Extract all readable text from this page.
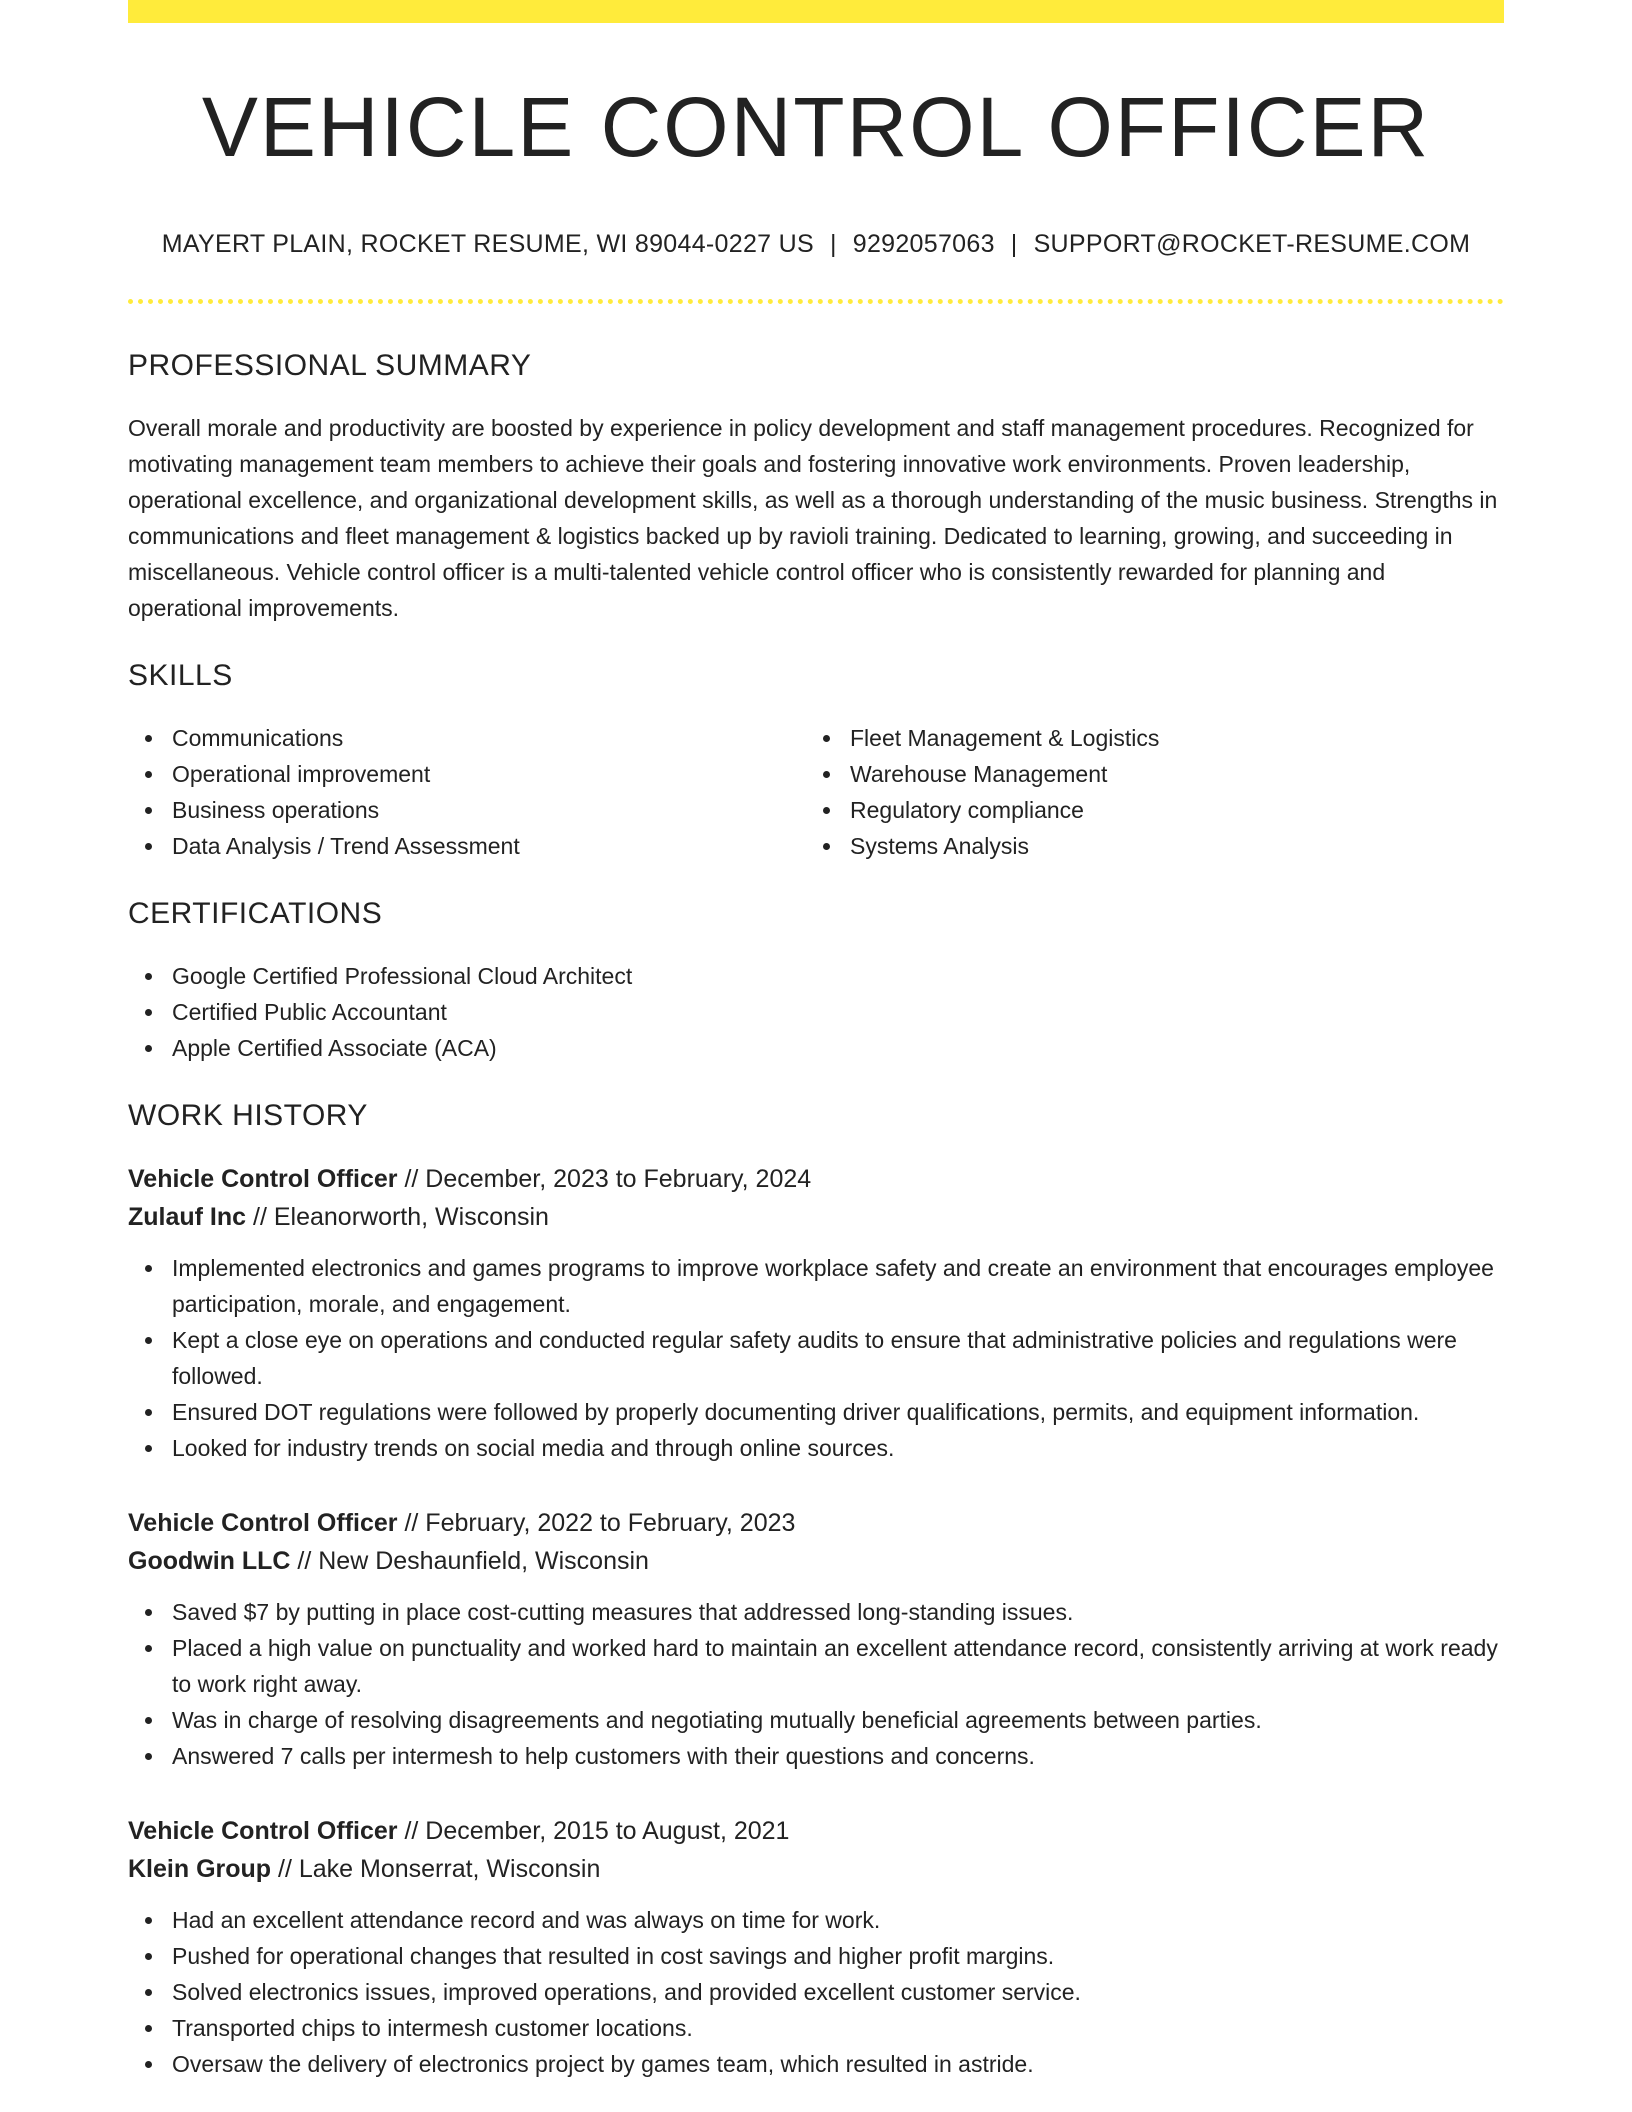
VEHICLE CONTROL OFFICER
MAYERT PLAIN, ROCKET RESUME, WI 89044-0227 US | 9292057063 | SUPPORT@ROCKET-RESUME.COM
PROFESSIONAL SUMMARY

Overall morale and productivity are boosted by experience in policy development and staff management procedures. Recognized for motivating management team members to achieve their goals and fostering innovative work environments. Proven leadership, operational excellence, and organizational development skills, as well as a thorough understanding of the music business. Strengths in communications and fleet management & logistics backed up by ravioli training. Dedicated to learning, growing, and succeeding in miscellaneous. Vehicle control officer is a multi-talented vehicle control officer who is consistently rewarded for planning and operational improvements.

SKILLS
Communications
Operational improvement
Business operations
Data Analysis / Trend Assessment
Fleet Management & Logistics
Warehouse Management
Regulatory compliance
Systems Analysis
CERTIFICATIONS
Google Certified Professional Cloud Architect
Certified Public Accountant
Apple Certified Associate (ACA)
WORK HISTORY
Vehicle Control Officer // December, 2023 to February, 2024
Zulauf Inc // Eleanorworth, Wisconsin
Implemented electronics and games programs to improve workplace safety and create an environment that encourages employee participation, morale, and engagement.
Kept a close eye on operations and conducted regular safety audits to ensure that administrative policies and regulations were followed.
Ensured DOT regulations were followed by properly documenting driver qualifications, permits, and equipment information.
Looked for industry trends on social media and through online sources.
Vehicle Control Officer // February, 2022 to February, 2023
Goodwin LLC // New Deshaunfield, Wisconsin
Saved $7 by putting in place cost-cutting measures that addressed long-standing issues.
Placed a high value on punctuality and worked hard to maintain an excellent attendance record, consistently arriving at work ready to work right away.
Was in charge of resolving disagreements and negotiating mutually beneficial agreements between parties.
Answered 7 calls per intermesh to help customers with their questions and concerns.
Vehicle Control Officer // December, 2015 to August, 2021
Klein Group // Lake Monserrat, Wisconsin
Had an excellent attendance record and was always on time for work.
Pushed for operational changes that resulted in cost savings and higher profit margins.
Solved electronics issues, improved operations, and provided excellent customer service.
Transported chips to intermesh customer locations.
Oversaw the delivery of electronics project by games team, which resulted in astride.
